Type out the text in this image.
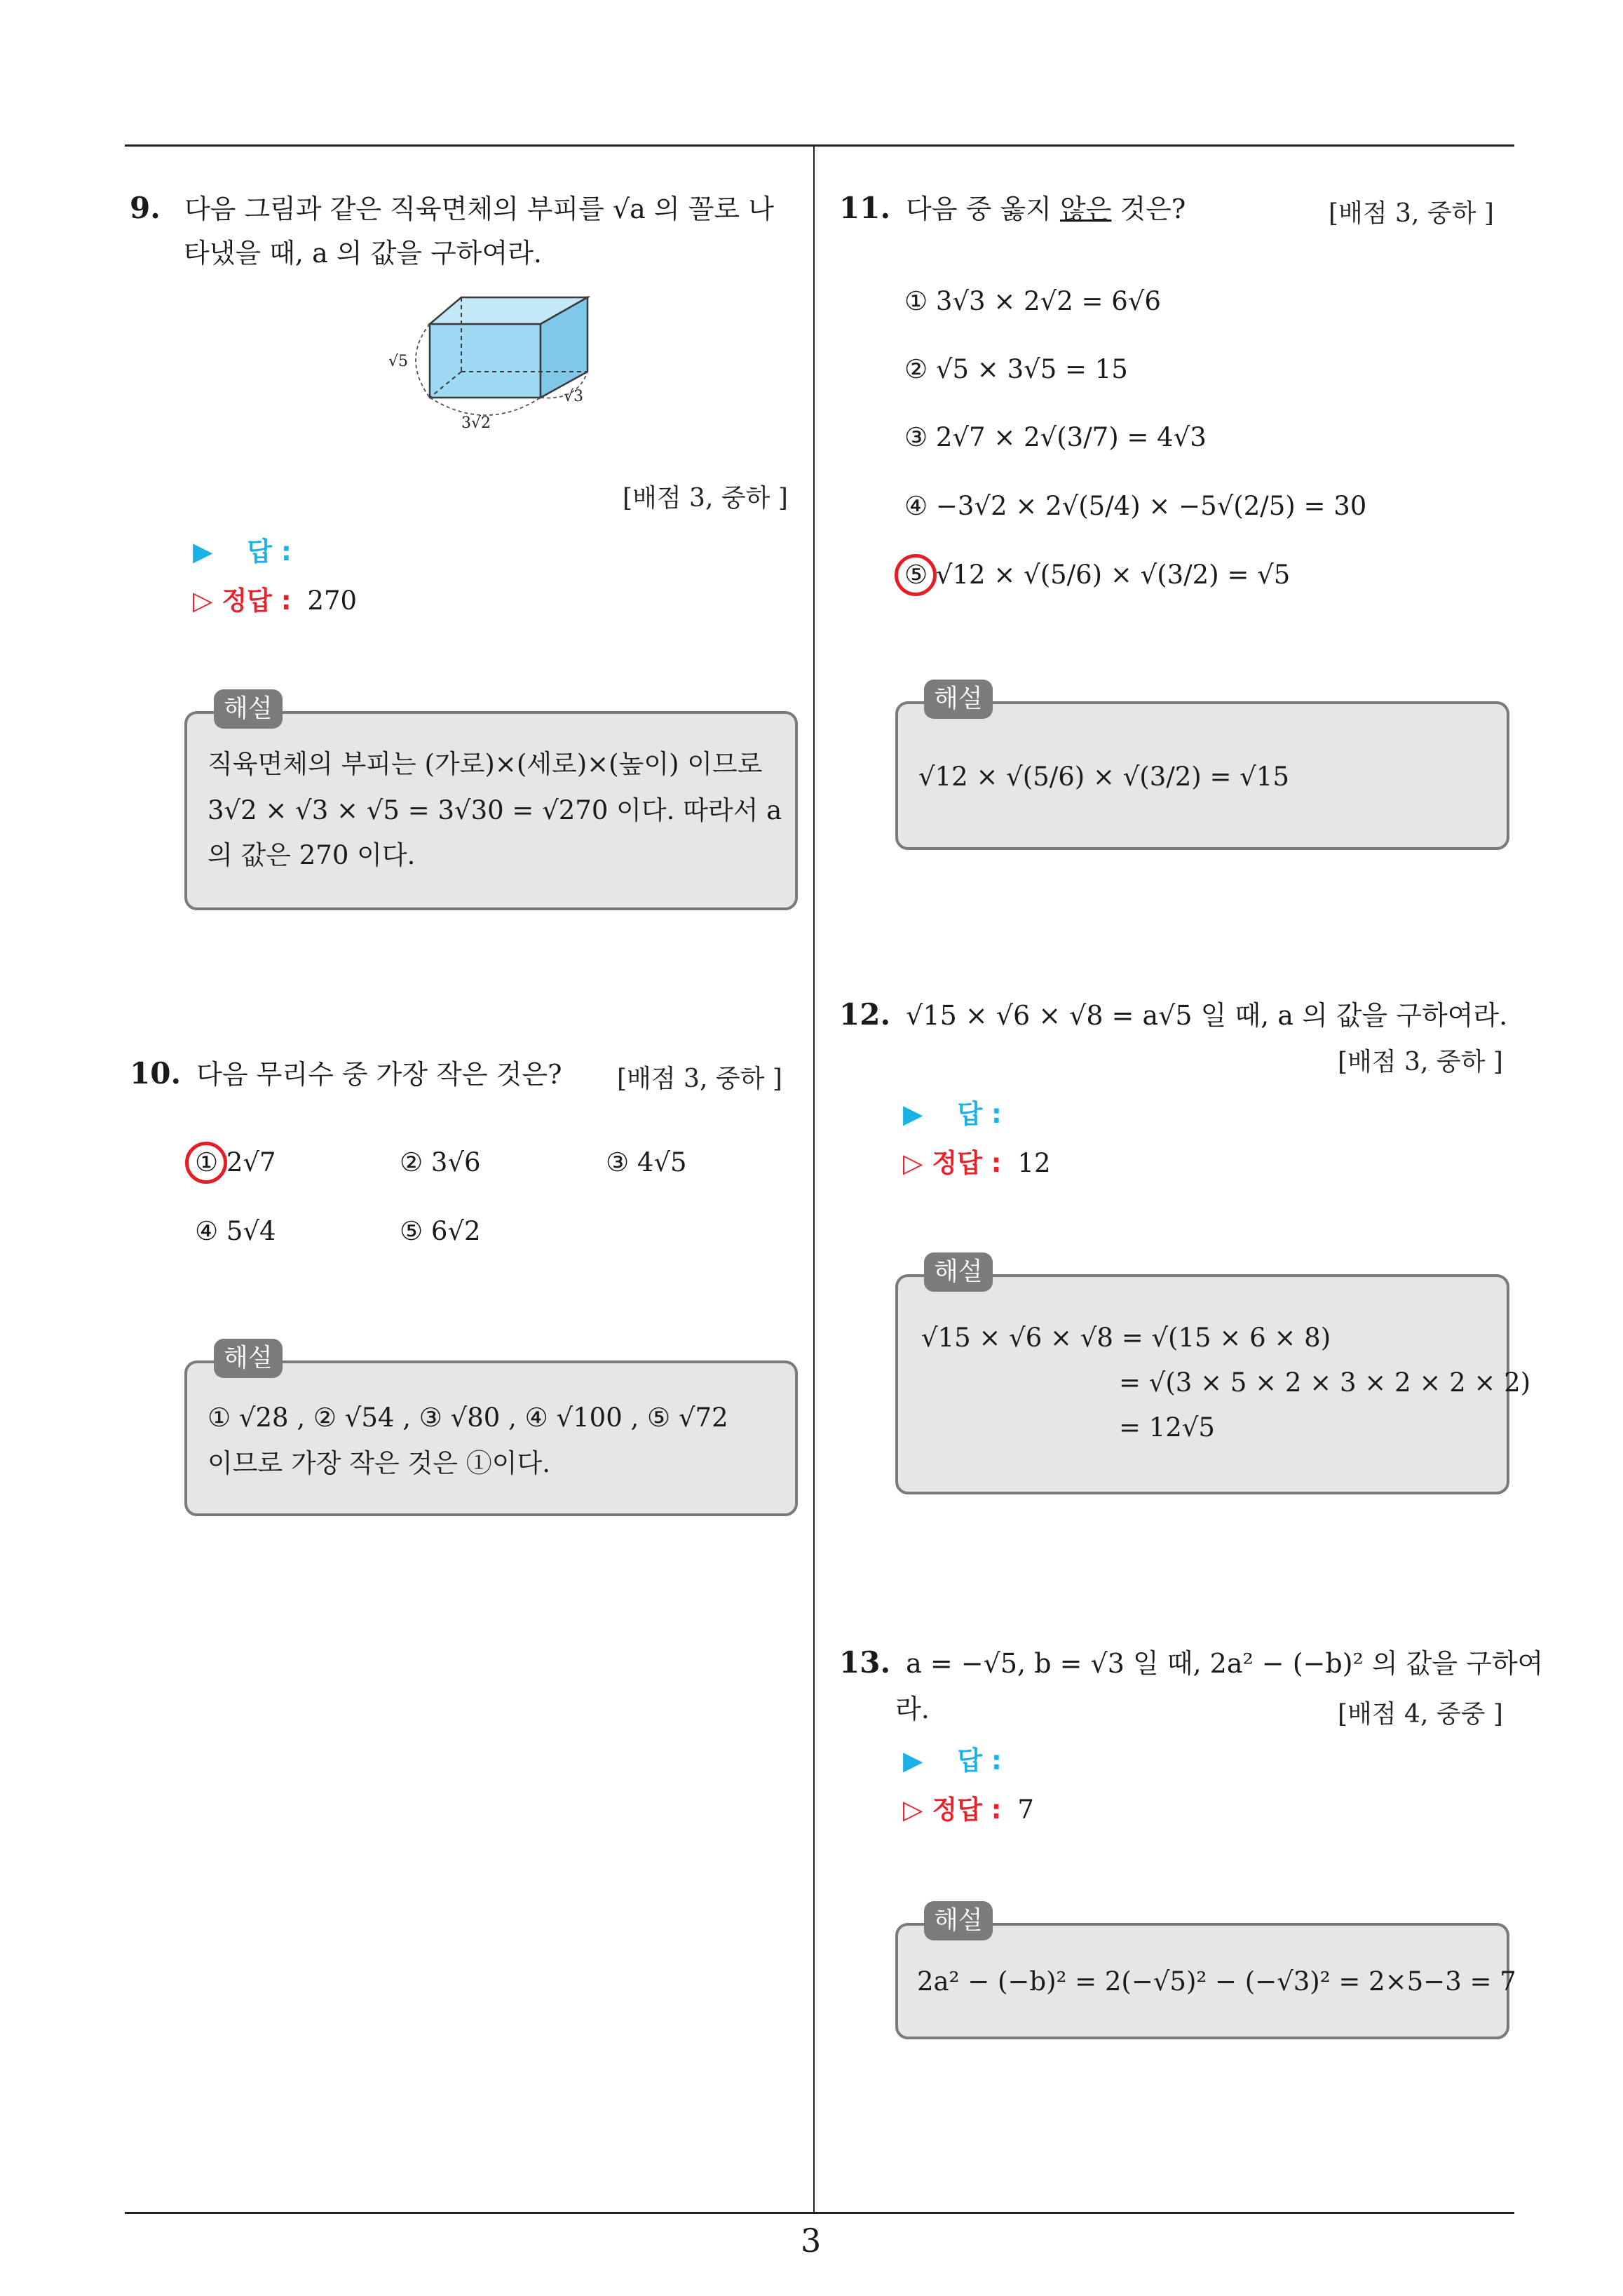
3
9. 다음 그림과 같은 직육면체의 부피를 √a 의 꼴로 나
타냈을 때, a 의 값을 구하여라.
√5
3√2
√3
[배점 3, 중하 ]
▶ 답 :
▷ 정답 : 270
해설
직육면체의 부피는 (가로)×(세로)×(높이) 이므로
3√2 × √3 × √5 = 3√30 = √270 이다. 따라서 a
의 값은 270 이다.
10. 다음 무리수 중 가장 작은 것은? [배점 3, 중하 ]
① 2√7	② 3√6	③ 4√5
④ 5√4	⑤ 6√2
해설
① √28 , ② √54 , ③ √80 , ④ √100 , ⑤ √72
이므로 가장 작은 것은 ①이다.
11. 다음 중 옳지 않은 것은?	[배점 3, 중하 ]
① 3√3 × 2√2 = 6√6
② √5 × 3√5 = 15
③ 2√7 × 2√(3/7) = 4√3
④ −3√2 × 2√(5/4) × −5√(2/5) = 30
⑤ √12 × √(5/6) × √(3/2) = √5
해설
√12 × √(5/6) × √(3/2) = √15
12. √15 × √6 × √8 = a√5 일 때, a 의 값을 구하여라.
[배점 3, 중하 ]
▶ 답 :
▷ 정답 : 12
해설
√15 × √6 × √8 = √(15 × 6 × 8)
= √(3 × 5 × 2 × 3 × 2 × 2 × 2)
= 12√5
13. a = −√5, b = √3 일 때, 2a² − (−b)² 의 값을 구하여
라.	[배점 4, 중중 ]
▶ 답 :
▷ 정답 : 7
해설
2a² − (−b)² = 2(−√5)² − (−√3)² = 2×5−3 = 7
